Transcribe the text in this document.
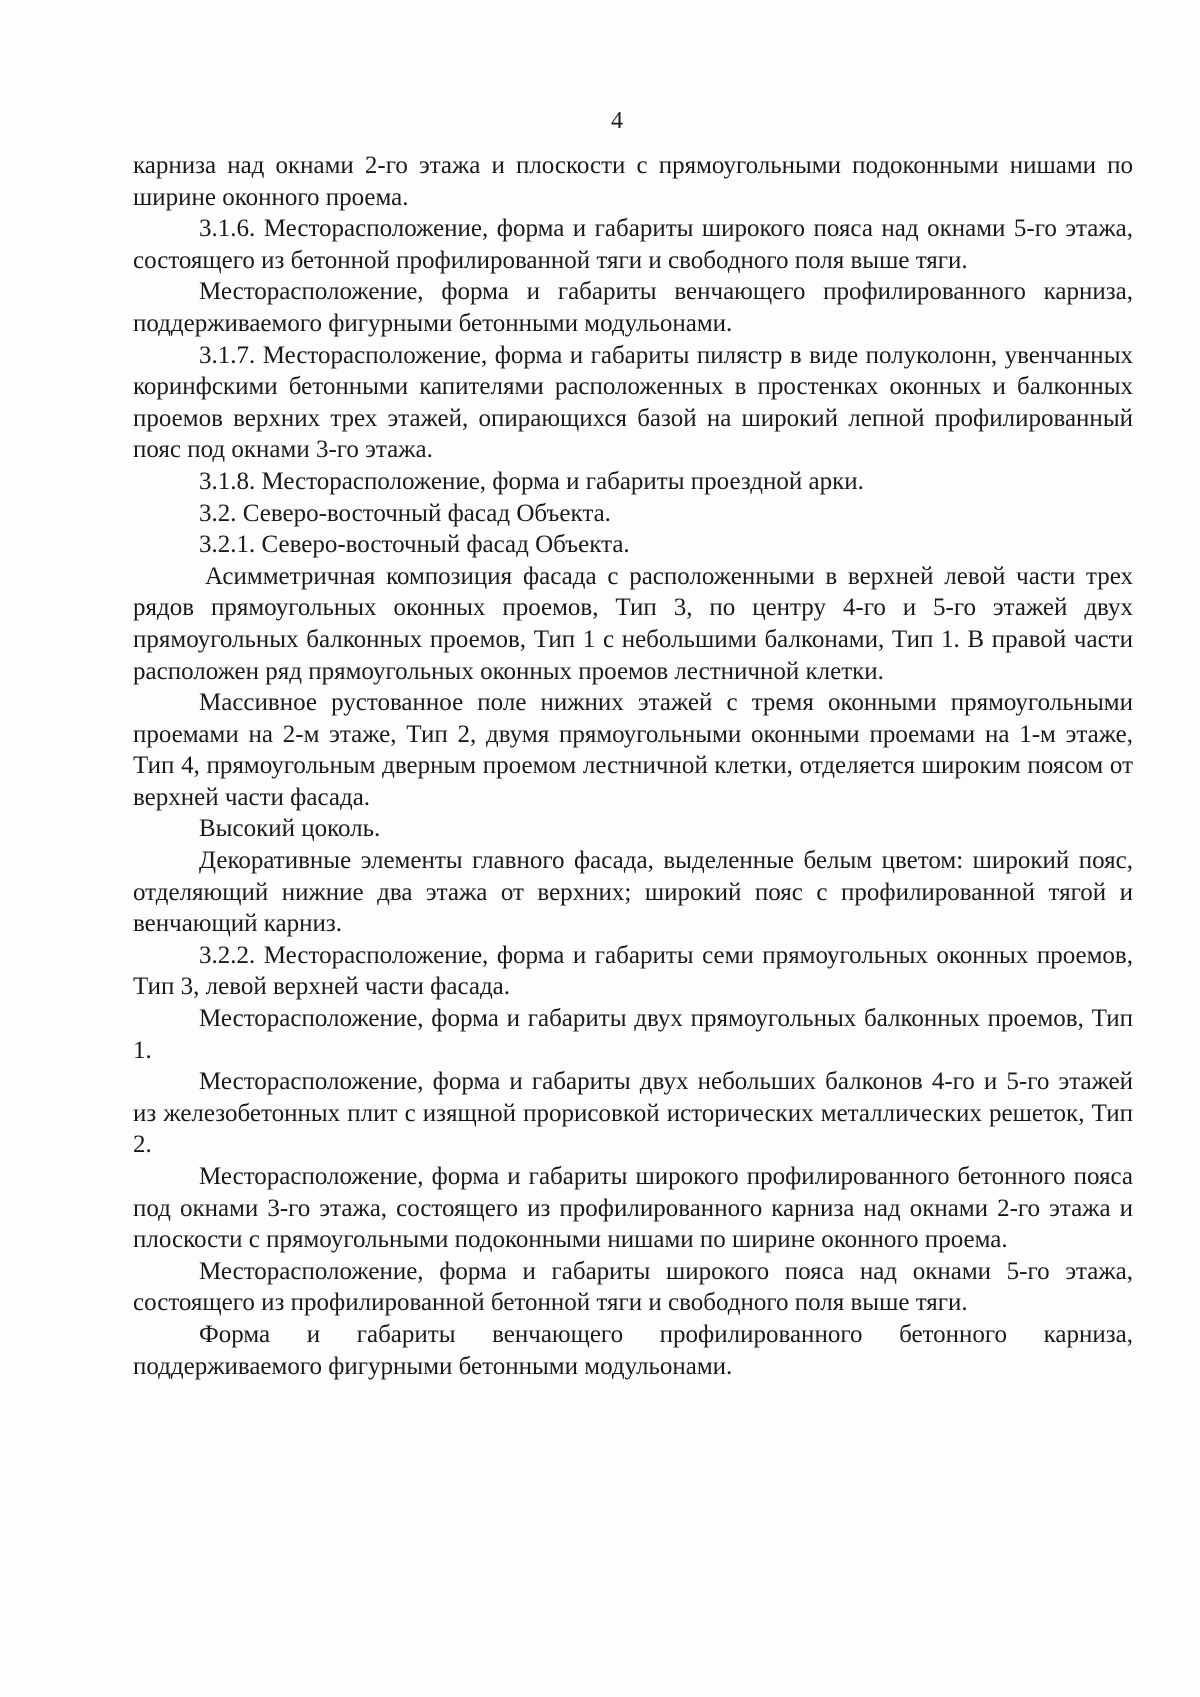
4

карниза над окнами 2-го этажа и плоскости с прямоугольными подоконными нишами по ширине оконного проема.

3.1.6. Месторасположение, форма и габариты широкого пояса над окнами 5-го этажа, состоящего из бетонной профилированной тяги и свободного поля выше тяги.

Месторасположение, форма и габариты венчающего профилированного карниза, поддерживаемого фигурными бетонными модульонами.

3.1.7. Месторасположение, форма и габариты пилястр в виде полуколонн, увенчанных коринфскими бетонными капителями расположенных в простенках оконных и балконных проемов верхних трех этажей, опирающихся базой на широкий лепной профилированный пояс под окнами 3-го этажа.

3.1.8. Месторасположение, форма и габариты проездной арки.

3.2. Северо-восточный фасад Объекта.

3.2.1. Северо-восточный фасад Объекта.

Асимметричная композиция фасада с расположенными в верхней левой части трех рядов прямоугольных оконных проемов, Тип 3, по центру 4-го и 5-го этажей двух прямоугольных балконных проемов, Тип 1 с небольшими балконами, Тип 1. В правой части расположен ряд прямоугольных оконных проемов лестничной клетки.

Массивное рустованное поле нижних этажей с тремя оконными прямоугольными проемами на 2-м этаже, Тип 2, двумя прямоугольными оконными проемами на 1-м этаже, Тип 4, прямоугольным дверным проемом лестничной клетки, отделяется широким поясом от верхней части фасада.

Высокий цоколь.

Декоративные элементы главного фасада, выделенные белым цветом: широкий пояс, отделяющий нижние два этажа от верхних; широкий пояс с профилированной тягой и венчающий карниз.

3.2.2. Месторасположение, форма и габариты семи прямоугольных оконных проемов, Тип 3, левой верхней части фасада.

Месторасположение, форма и габариты двух прямоугольных балконных проемов, Тип 1.

Месторасположение, форма и габариты двух небольших балконов 4-го и 5-го этажей из железобетонных плит с изящной прорисовкой исторических металлических решеток, Тип 2.

Месторасположение, форма и габариты широкого профилированного бетонного пояса под окнами 3-го этажа, состоящего из профилированного карниза над окнами 2-го этажа и плоскости с прямоугольными подоконными нишами по ширине оконного проема.

Месторасположение, форма и габариты широкого пояса над окнами 5-го этажа, состоящего из профилированной бетонной тяги и свободного поля выше тяги.

Форма и габариты венчающего профилированного бетонного карниза, поддерживаемого фигурными бетонными модульонами.
